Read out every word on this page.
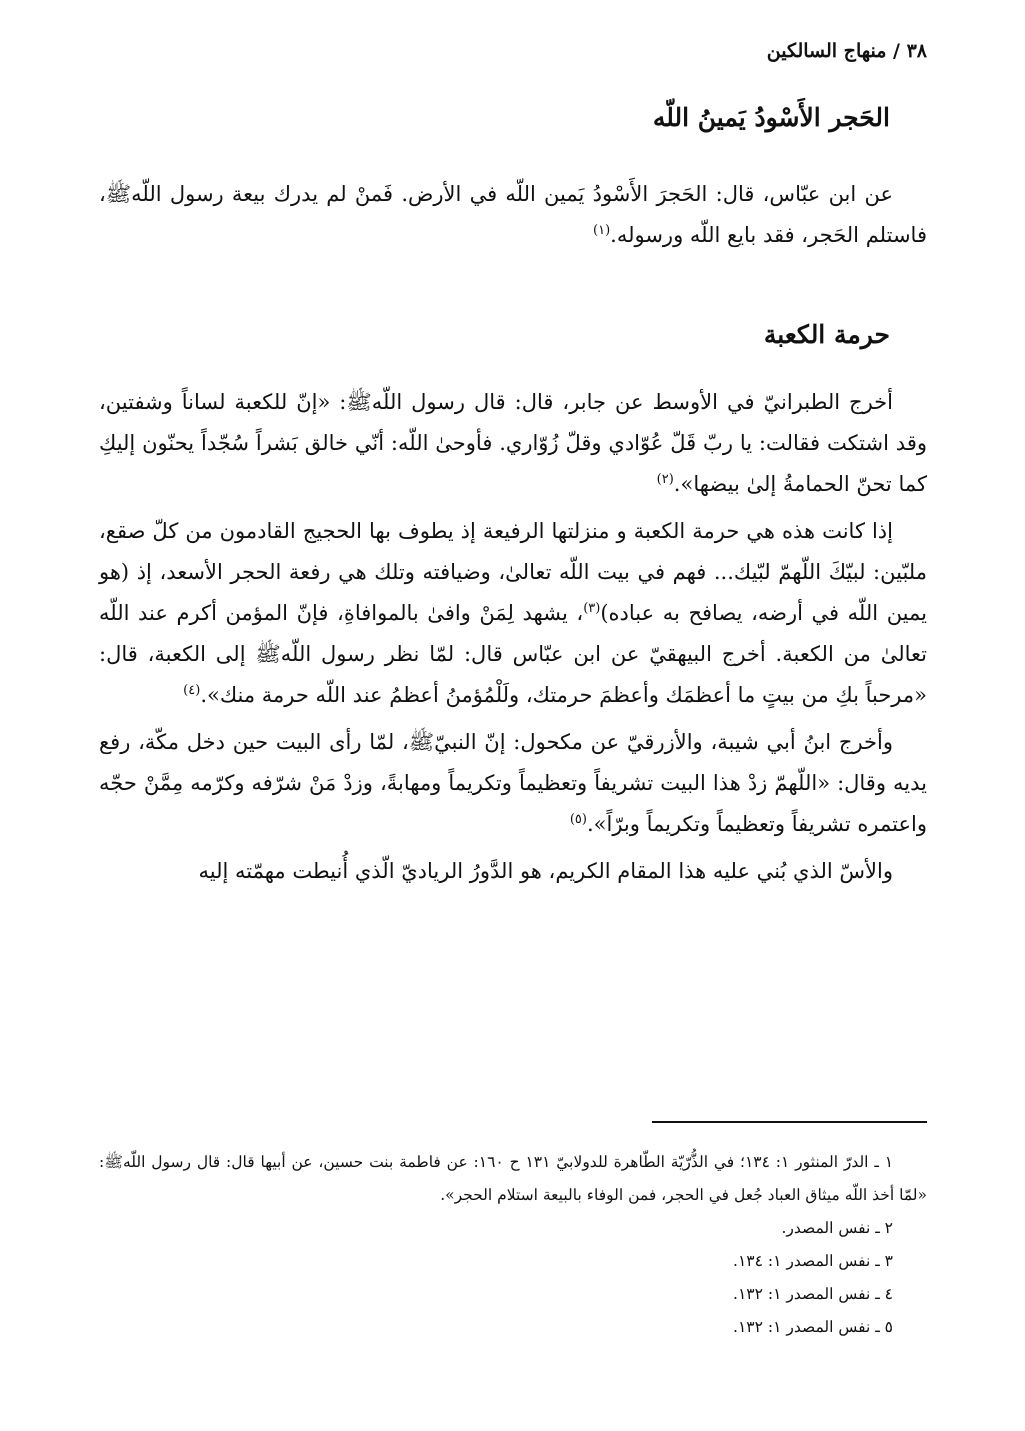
٣٨ / منهاج السالكين
الحَجر الأَسْودُ يَمينُ اللّه

عن ابن عبّاس، قال: الحَجرَ الأَسْودُ يَمين اللّه في الأرض. فَمنْ لم يدرك بيعة رسول اللّهﷺ، فاستلم الحَجر، فقد بايع اللّه ورسوله.$^{(١)}$

حرمة الكعبة

أخرج الطبرانيّ في الأوسط عن جابر، قال: قال رسول اللّهﷺ: «إنّ للكعبة لساناً وشفتين، وقد اشتكت فقالت: يا ربّ قَلّ عُوّادي وقلّ زُوّاري. فأوحىٰ اللّه: أنّي خالق بَشراً سُجّداً يحنّون إليكِ كما تحنّ الحمامةُ إلىٰ بيضها».$^{(٢)}$

إذا كانت هذه هي حرمة الكعبة و منزلتها الرفيعة إذ يطوف بها الحجيج القادمون من كلّ صقع، ملبّين: لبيّكَ اللّهمّ لبّيك... فهم في بيت اللّه تعالىٰ، وضيافته وتلك هي رفعة الحجر الأسعد، إذ (هو يمين اللّه في أرضه، يصافح به عباده)$^{(٣)}$، يشهد لِمَنْ وافىٰ بالموافاةِ، فإنّ المؤمن أكرم عند اللّه تعالىٰ من الكعبة. أخرج البيهقيّ عن ابن عبّاس قال: لمّا نظر رسول اللّهﷺ إلى الكعبة، قال: «مرحباً بكِ من بيتٍ ما أعظمَك وأعظمَ حرمتك، ولَلْمُؤمنُ أعظمُ عند اللّه حرمة منك».$^{(٤)}$

وأخرج ابنُ أبي شيبة، والأزرقيّ عن مكحول: إنّ النبيّﷺ، لمّا رأى البيت حين دخل مكّة، رفع يديه وقال: «اللّهمّ زدْ هذا البيت تشريفاً وتعظيماً وتكريماً ومهابةً، وزدْ مَنْ شرّفه وكرّمه مِمَّنْ حجّه واعتمره تشريفاً وتعظيماً وتكريماً وبرّاً».$^{(٥)}$

والأسّ الذي بُني عليه هذا المقام الكريم، هو الدَّورُ الرياديّ الّذي أُنيطت مهمّته إليه

١ ـ الدرّ المنثور ١: ١٣٤؛ في الذُّرّيّة الطّاهرة للدولابيّ ١٣١ ح ١٦٠: عن فاطمة بنت حسين، عن أبيها قال: قال رسول اللّهﷺ: «لمّا أخذ اللّه ميثاق العباد جُعل في الحجر، فمن الوفاء بالبيعة استلام الحجر».

٢ ـ نفس المصدر.

٣ ـ نفس المصدر ١: ١٣٤.

٤ ـ نفس المصدر ١: ١٣٢.

٥ ـ نفس المصدر ١: ١٣٢.
